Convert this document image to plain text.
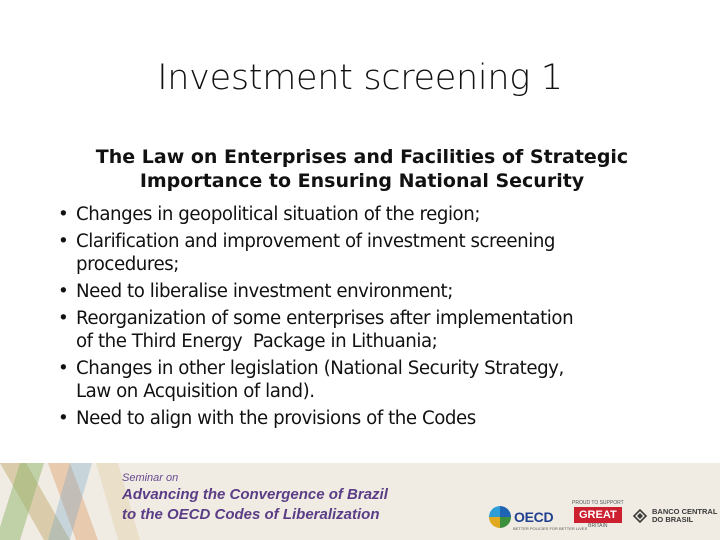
Investment screening 1
The Law on Enterprises and Facilities of Strategic
Importance to Ensuring National Security
• Changes in geopolitical situation of the region;
• Clarification and improvement of investment screening
procedures;
• Need to liberalise investment environment;
• Reorganization of some enterprises after implementation
of the Third Energy  Package in Lithuania;
• Changes in other legislation (National Security Strategy,
Law on Acquisition of land).
• Need to align with the provisions of the Codes
Seminar on
Advancing the Convergence of Brazil
to the OECD Codes of Liberalization	OECD
BETTER POLICIES FOR BETTER LIVES
PROUD TO SUPPORT
GREAT
BRITAIN
BANCO CENTRAL
DO BRASIL
